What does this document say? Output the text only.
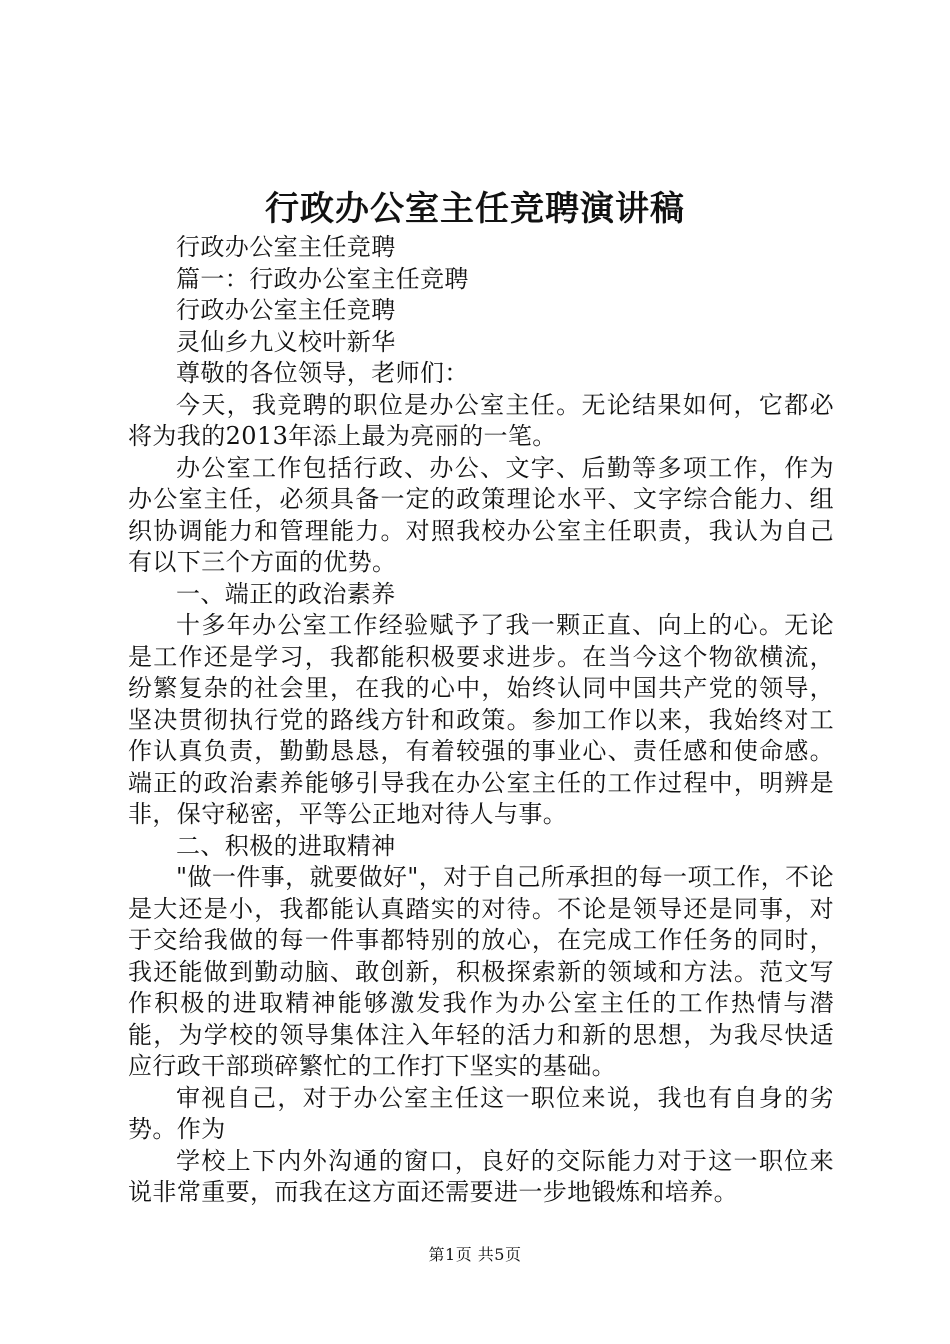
行政办公室主任竞聘演讲稿

行政办公室主任竞聘

篇一：行政办公室主任竞聘

行政办公室主任竞聘

灵仙乡九义校叶新华

尊敬的各位领导，老师们：

今天，我竞聘的职位是办公室主任。无论结果如何，它都必将为我的2013年添上最为亮丽的一笔。

办公室工作包括行政、办公、文字、后勤等多项工作，作为办公室主任，必须具备一定的政策理论水平、文字综合能力、组织协调能力和管理能力。对照我校办公室主任职责，我认为自己有以下三个方面的优势。

一、端正的政治素养

十多年办公室工作经验赋予了我一颗正直、向上的心。无论是工作还是学习，我都能积极要求进步。在当今这个物欲横流，纷繁复杂的社会里，在我的心中，始终认同中国共产党的领导，坚决贯彻执行党的路线方针和政策。参加工作以来，我始终对工作认真负责，勤勤恳恳，有着较强的事业心、责任感和使命感。端正的政治素养能够引导我在办公室主任的工作过程中，明辨是非，保守秘密，平等公正地对待人与事。

二、积极的进取精神

"做一件事，就要做好"，对于自己所承担的每一项工作，不论是大还是小，我都能认真踏实的对待。不论是领导还是同事，对于交给我做的每一件事都特别的放心，在完成工作任务的同时，我还能做到勤动脑、敢创新，积极探索新的领域和方法。范文写作积极的进取精神能够激发我作为办公室主任的工作热情与潜能，为学校的领导集体注入年轻的活力和新的思想，为我尽快适应行政干部琐碎繁忙的工作打下坚实的基础。

审视自己，对于办公室主任这一职位来说，我也有自身的劣势。作为

学校上下内外沟通的窗口，良好的交际能力对于这一职位来说非常重要，而我在这方面还需要进一步地锻炼和培养。

第1页 共5页
